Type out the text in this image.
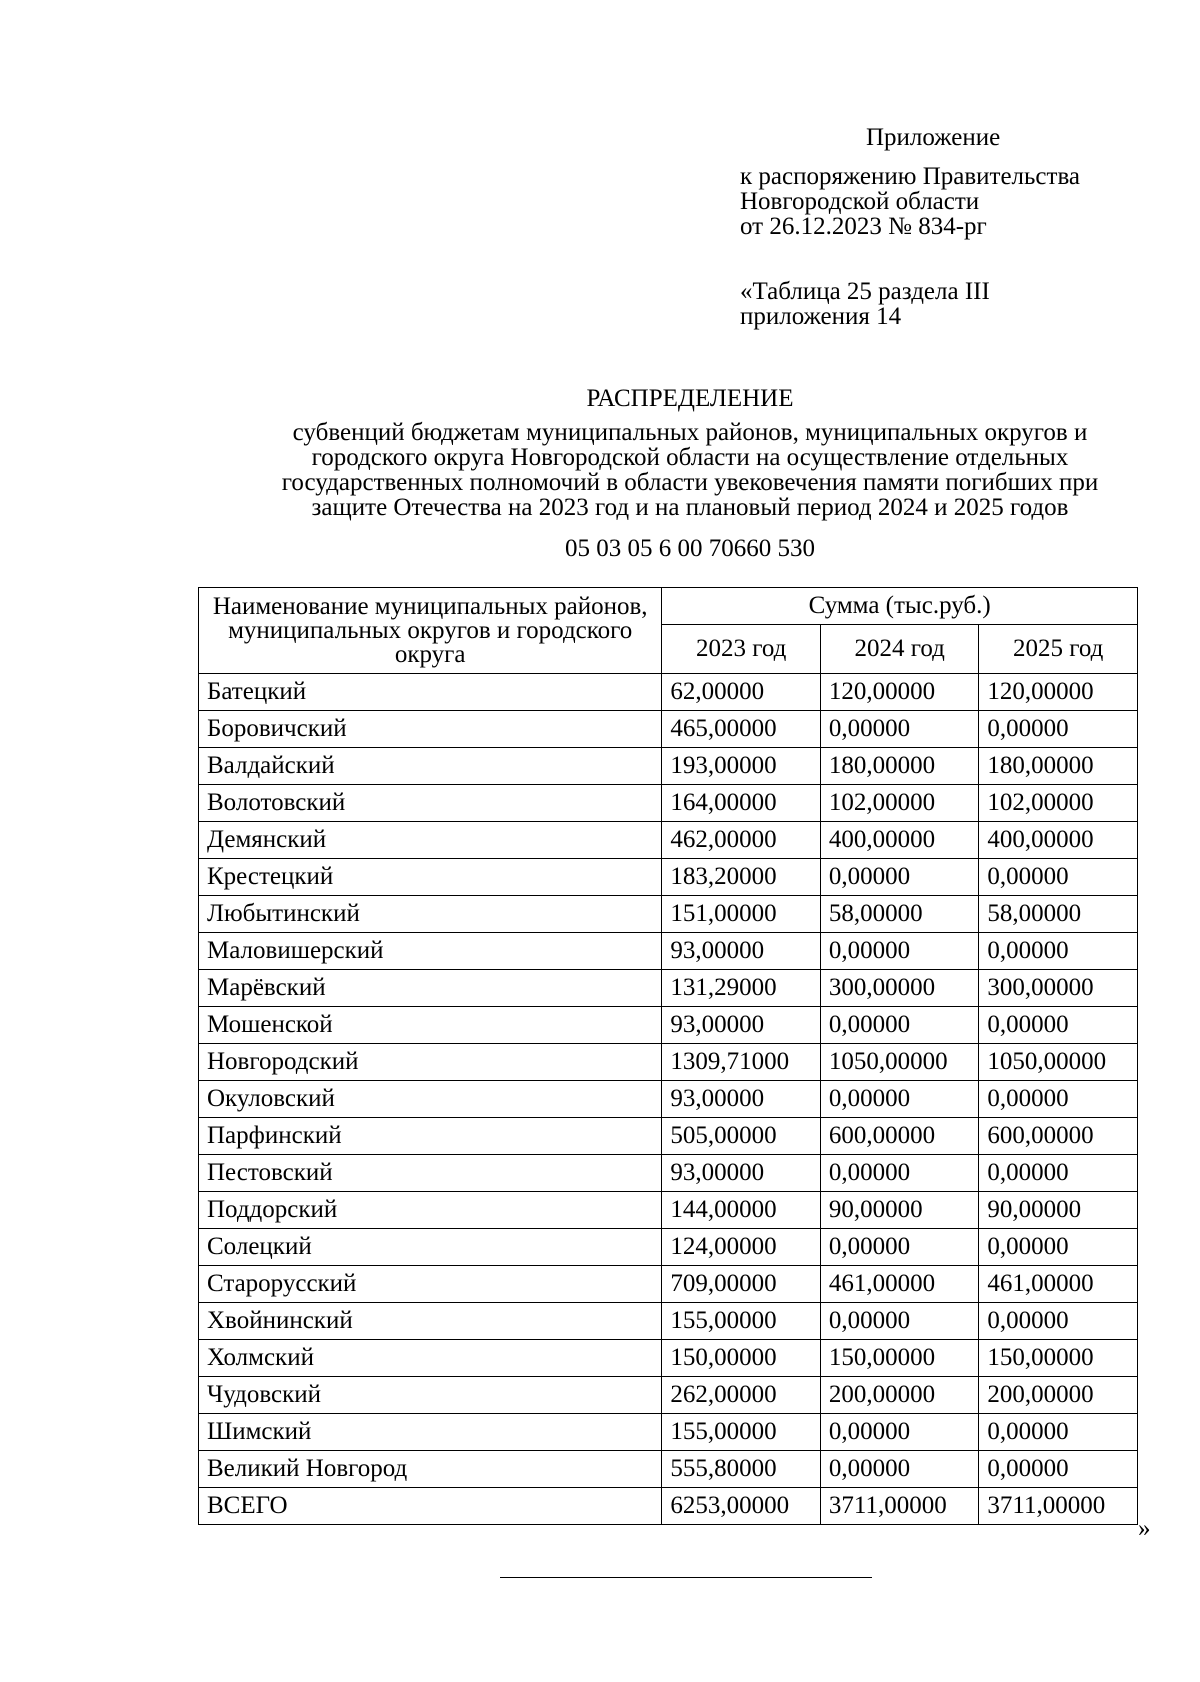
Приложение
к распоряжению Правительства
Новгородской области
от 26.12.2023 № 834-рг
«Таблица 25 раздела III
приложения 14
РАСПРЕДЕЛЕНИЕ
субвенций бюджетам муниципальных районов, муниципальных округов и
городского округа Новгородской области на осуществление отдельных
государственных полномочий в области увековечения памяти погибших при
защите Отечества на 2023 год и на плановый период 2024 и 2025 годов
05 03 05 6 00 70660 530
Наименование муниципальных районов, муниципальных округов и городского округа	Сумма (тыс.руб.)		
	2023 год	2024 год	2025 год
Батецкий	62,00000	120,00000	120,00000
Боровичский	465,00000	0,00000	0,00000
Валдайский	193,00000	180,00000	180,00000
Волотовский	164,00000	102,00000	102,00000
Демянский	462,00000	400,00000	400,00000
Крестецкий	183,20000	0,00000	0,00000
Любытинский	151,00000	58,00000	58,00000
Маловишерский	93,00000	0,00000	0,00000
Марёвский	131,29000	300,00000	300,00000
Мошенской	93,00000	0,00000	0,00000
Новгородский	1309,71000	1050,00000	1050,00000
Окуловский	93,00000	0,00000	0,00000
Парфинский	505,00000	600,00000	600,00000
Пестовский	93,00000	0,00000	0,00000
Поддорский	144,00000	90,00000	90,00000
Солецкий	124,00000	0,00000	0,00000
Старорусский	709,00000	461,00000	461,00000
Хвойнинский	155,00000	0,00000	0,00000
Холмский	150,00000	150,00000	150,00000
Чудовский	262,00000	200,00000	200,00000
Шимский	155,00000	0,00000	0,00000
Великий Новгород	555,80000	0,00000	0,00000
ВСЕГО	6253,00000	3711,00000	3711,00000
»
